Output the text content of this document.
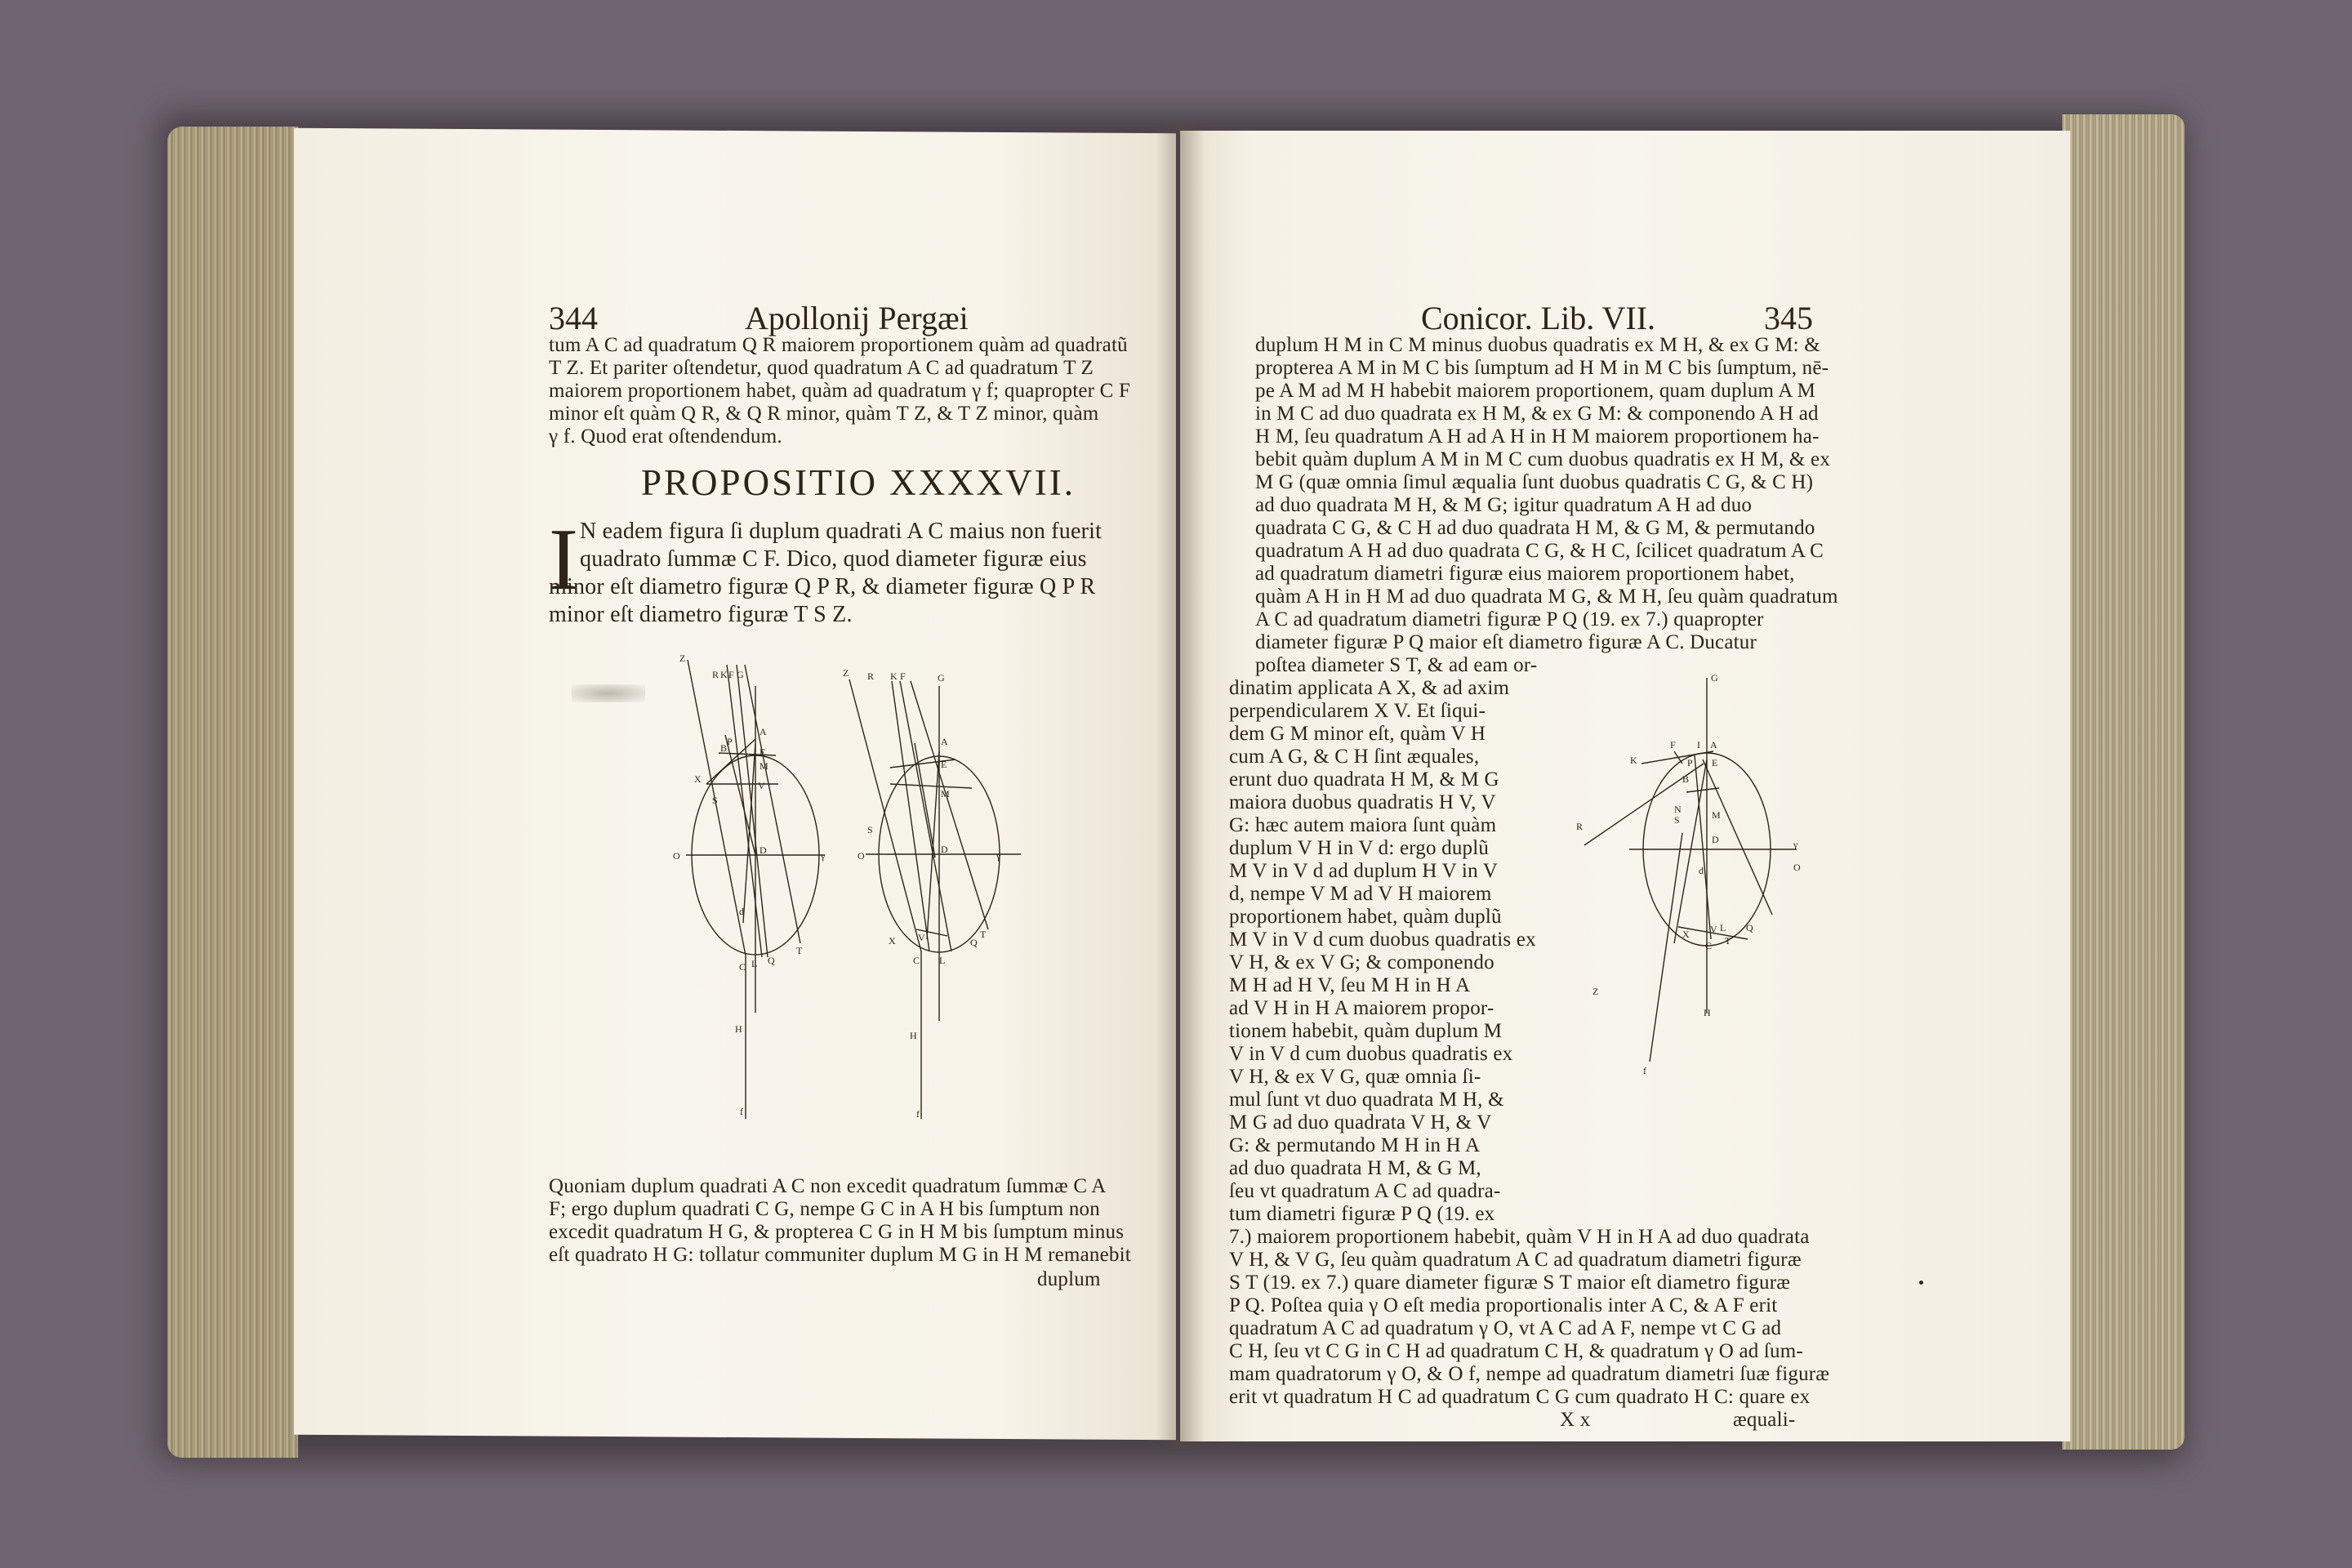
344	Apollonij Pergæi
tum A C ad quadratum Q R maiorem proportionem quàm ad quadratũ
T Z. Et pariter oſtendetur, quod quadratum A C ad quadratum T Z
maiorem proportionem habet, quàm ad quadratum γ f; quapropter C F
minor eſt quàm Q R, & Q R minor, quàm T Z, & T Z minor, quàm
γ f. Quod erat oſtendendum.
PROPOSITIO XXXXVII.
I N eadem figura ſi duplum quadrati A C maius non fuerit
quadrato ſummæ C F. Dico, quod diameter figuræ eius
minor eſt diametro figuræ Q P R, & diameter figuræ Q P R
minor eſt diametro figuræ T S Z.
Z
R K F G
A
B	E
P
M
X
V
S
O	D	γ
d
C L Q
T
H
f
Z R K F	G
A
E
M
S
O
D
γ
X V	T
Q
C L
H
f
Quoniam duplum quadrati A C non excedit quadratum ſummæ C A
F; ergo duplum quadrati C G, nempe G C in A H bis ſumptum non
excedit quadratum H G, & propterea C G in H M bis ſumptum minus
eſt quadrato H G: tollatur communiter duplum M G in H M remanebit
duplum
Conicor. Lib. VII.	345
duplum H M in C M minus duobus quadratis ex M H, & ex G M: &
propterea A M in M C bis ſumptum ad H M in M C bis ſumptum, nē-
pe A M ad M H habebit maiorem proportionem, quam duplum A M
in M C ad duo quadrata ex H M, & ex G M: & componendo A H ad
H M, ſeu quadratum A H ad A H in H M maiorem proportionem ha-
bebit quàm duplum A M in M C cum duobus quadratis ex H M, & ex
M G (quæ omnia ſimul æqualia ſunt duobus quadratis C G, & C H)
ad duo quadrata M H, & M G; igitur quadratum A H ad duo
quadrata C G, & C H ad duo quadrata H M, & G M, & permutando
quadratum A H ad duo quadrata C G, & H C, ſcilicet quadratum A C
ad quadratum diametri figuræ eius maiorem proportionem habet,
quàm A H in H M ad duo quadrata M G, & M H, ſeu quàm quadratum
A C ad quadratum diametri figuræ P Q (19. ex 7.) quapropter
diameter figuræ P Q maior eſt diametro figuræ A C. Ducatur
poſtea diameter S T, & ad eam or-
dinatim applicata A X, & ad axim
perpendicularem X V. Et ſiqui-
dem G M minor eſt, quàm V H
cum A G, & C H ſint æquales,
erunt duo quadrata H M, & M G
maiora duobus quadratis H V, V
G: hæc autem maiora ſunt quàm
duplum V H in V d: ergo duplũ
M V in V d ad duplum H V in V
d, nempe V M ad V H maiorem
proportionem habet, quàm duplũ
M V in V d cum duobus quadratis ex
V H, & ex V G; & componendo
M H ad H V, ſeu M H in H A
ad V H in H A maiorem propor-
tionem habebit, quàm duplum M
V in V d cum duobus quadratis ex
V H, & ex V G, quæ omnia ſi-
mul ſunt vt duo quadrata M H, &
M G ad duo quadrata V H, & V
G: & permutando M H in H A
ad duo quadrata H M, & G M,
ſeu vt quadratum A C ad quadra-
tum diametri figuræ P Q (19. ex
G
F I A
K	E
P
B
N
S	M
R
D	γ
O
d
X V L Q
C T
Z
H
f
7.) maiorem proportionem habebit, quàm V H in H A ad duo quadrata
V H, & V G, ſeu quàm quadratum A C ad quadratum diametri figuræ
S T (19. ex 7.) quare diameter figuræ S T maior eſt diametro figuræ
P Q. Poſtea quia γ O eſt media proportionalis inter A C, & A F erit
quadratum A C ad quadratum γ O, vt A C ad A F, nempe vt C G ad
C H, ſeu vt C G in C H ad quadratum C H, & quadratum γ O ad ſum-
mam quadratorum γ O, & O f, nempe ad quadratum diametri ſuæ figuræ
erit vt quadratum H C ad quadratum C G cum quadrato H C: quare ex
X x	æquali-
